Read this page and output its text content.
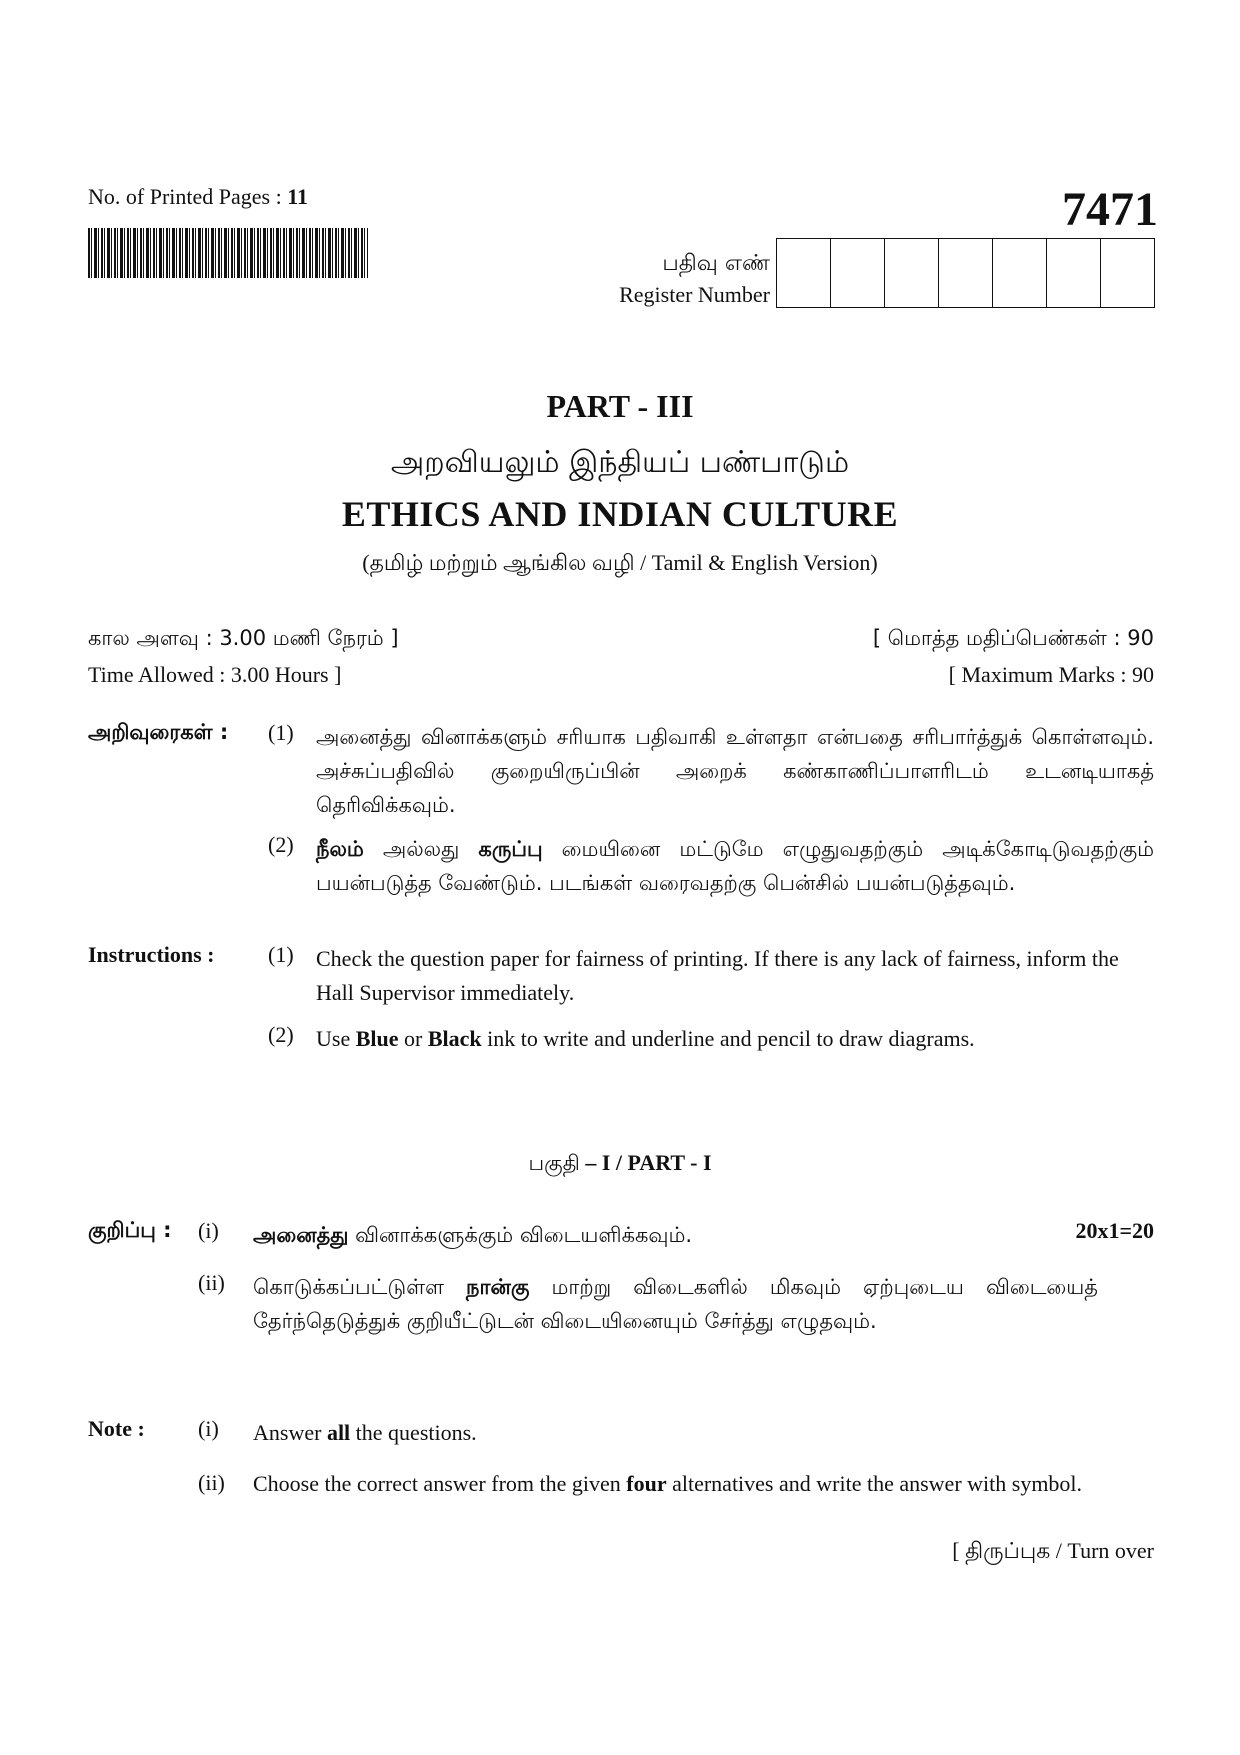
No. of Printed Pages : 11	7471
பதிவு எண்
Register Number
PART - III
அறவியலும் இந்தியப் பண்பாடும்
ETHICS AND INDIAN CULTURE
(தமிழ் மற்றும் ஆங்கில வழி / Tamil & English Version)
கால அளவு : 3.00 மணி நேரம் ]	[ மொத்த மதிப்பெண்கள் : 90
Time Allowed : 3.00 Hours ]	[ Maximum Marks : 90
அறிவுரைகள் :	(1)	அனைத்து வினாக்களும் சரியாக பதிவாகி உள்ளதா என்பதை சரிபார்த்துக் கொள்ளவும். அச்சுப்பதிவில் குறையிருப்பின் அறைக் கண்காணிப்பாளரிடம் உடனடியாகத் தெரிவிக்கவும்.
(2)	நீலம் அல்லது கருப்பு மையினை மட்டுமே எழுதுவதற்கும் அடிக்கோடிடுவதற்கும் பயன்படுத்த வேண்டும். படங்கள் வரைவதற்கு பென்சில் பயன்படுத்தவும்.
Instructions :	(1)	Check the question paper for fairness of printing. If there is any lack of fairness, inform the Hall Supervisor immediately.
(2)	Use Blue or Black ink to write and underline and pencil to draw diagrams.
பகுதி – I / PART - I
குறிப்பு :	(i)	அனைத்து வினாக்களுக்கும் விடையளிக்கவும்.	20x1=20
(ii)	கொடுக்கப்பட்டுள்ள நான்கு மாற்று விடைகளில் மிகவும் ஏற்புடைய விடையைத் தேர்ந்தெடுத்துக் குறியீட்டுடன் விடையினையும் சேர்த்து எழுதவும்.
Note :	(i)	Answer all the questions.
(ii)	Choose the correct answer from the given four alternatives and write the answer with symbol.
[ திருப்புக / Turn over
